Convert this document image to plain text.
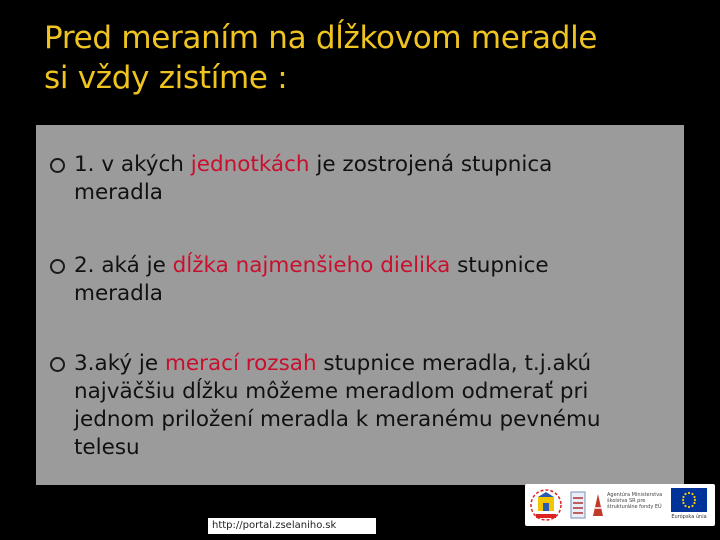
Pred meraním na dĺžkovom meradle
si vždy zistíme :
1. v akých jednotkách je zostrojená stupnica
meradla
2. aká je dĺžka najmenšieho dielika stupnice
meradla
3.aký je merací rozsah stupnice meradla, t.j.akú
najväčšiu dĺžku môžeme meradlom odmerať pri jednom priložení meradla k meranému pevnému telesu
http://portal.zselaniho.sk
Agentúra Ministerstva školstva SR pre štrukturálne fondy EÚ
Európska únia
